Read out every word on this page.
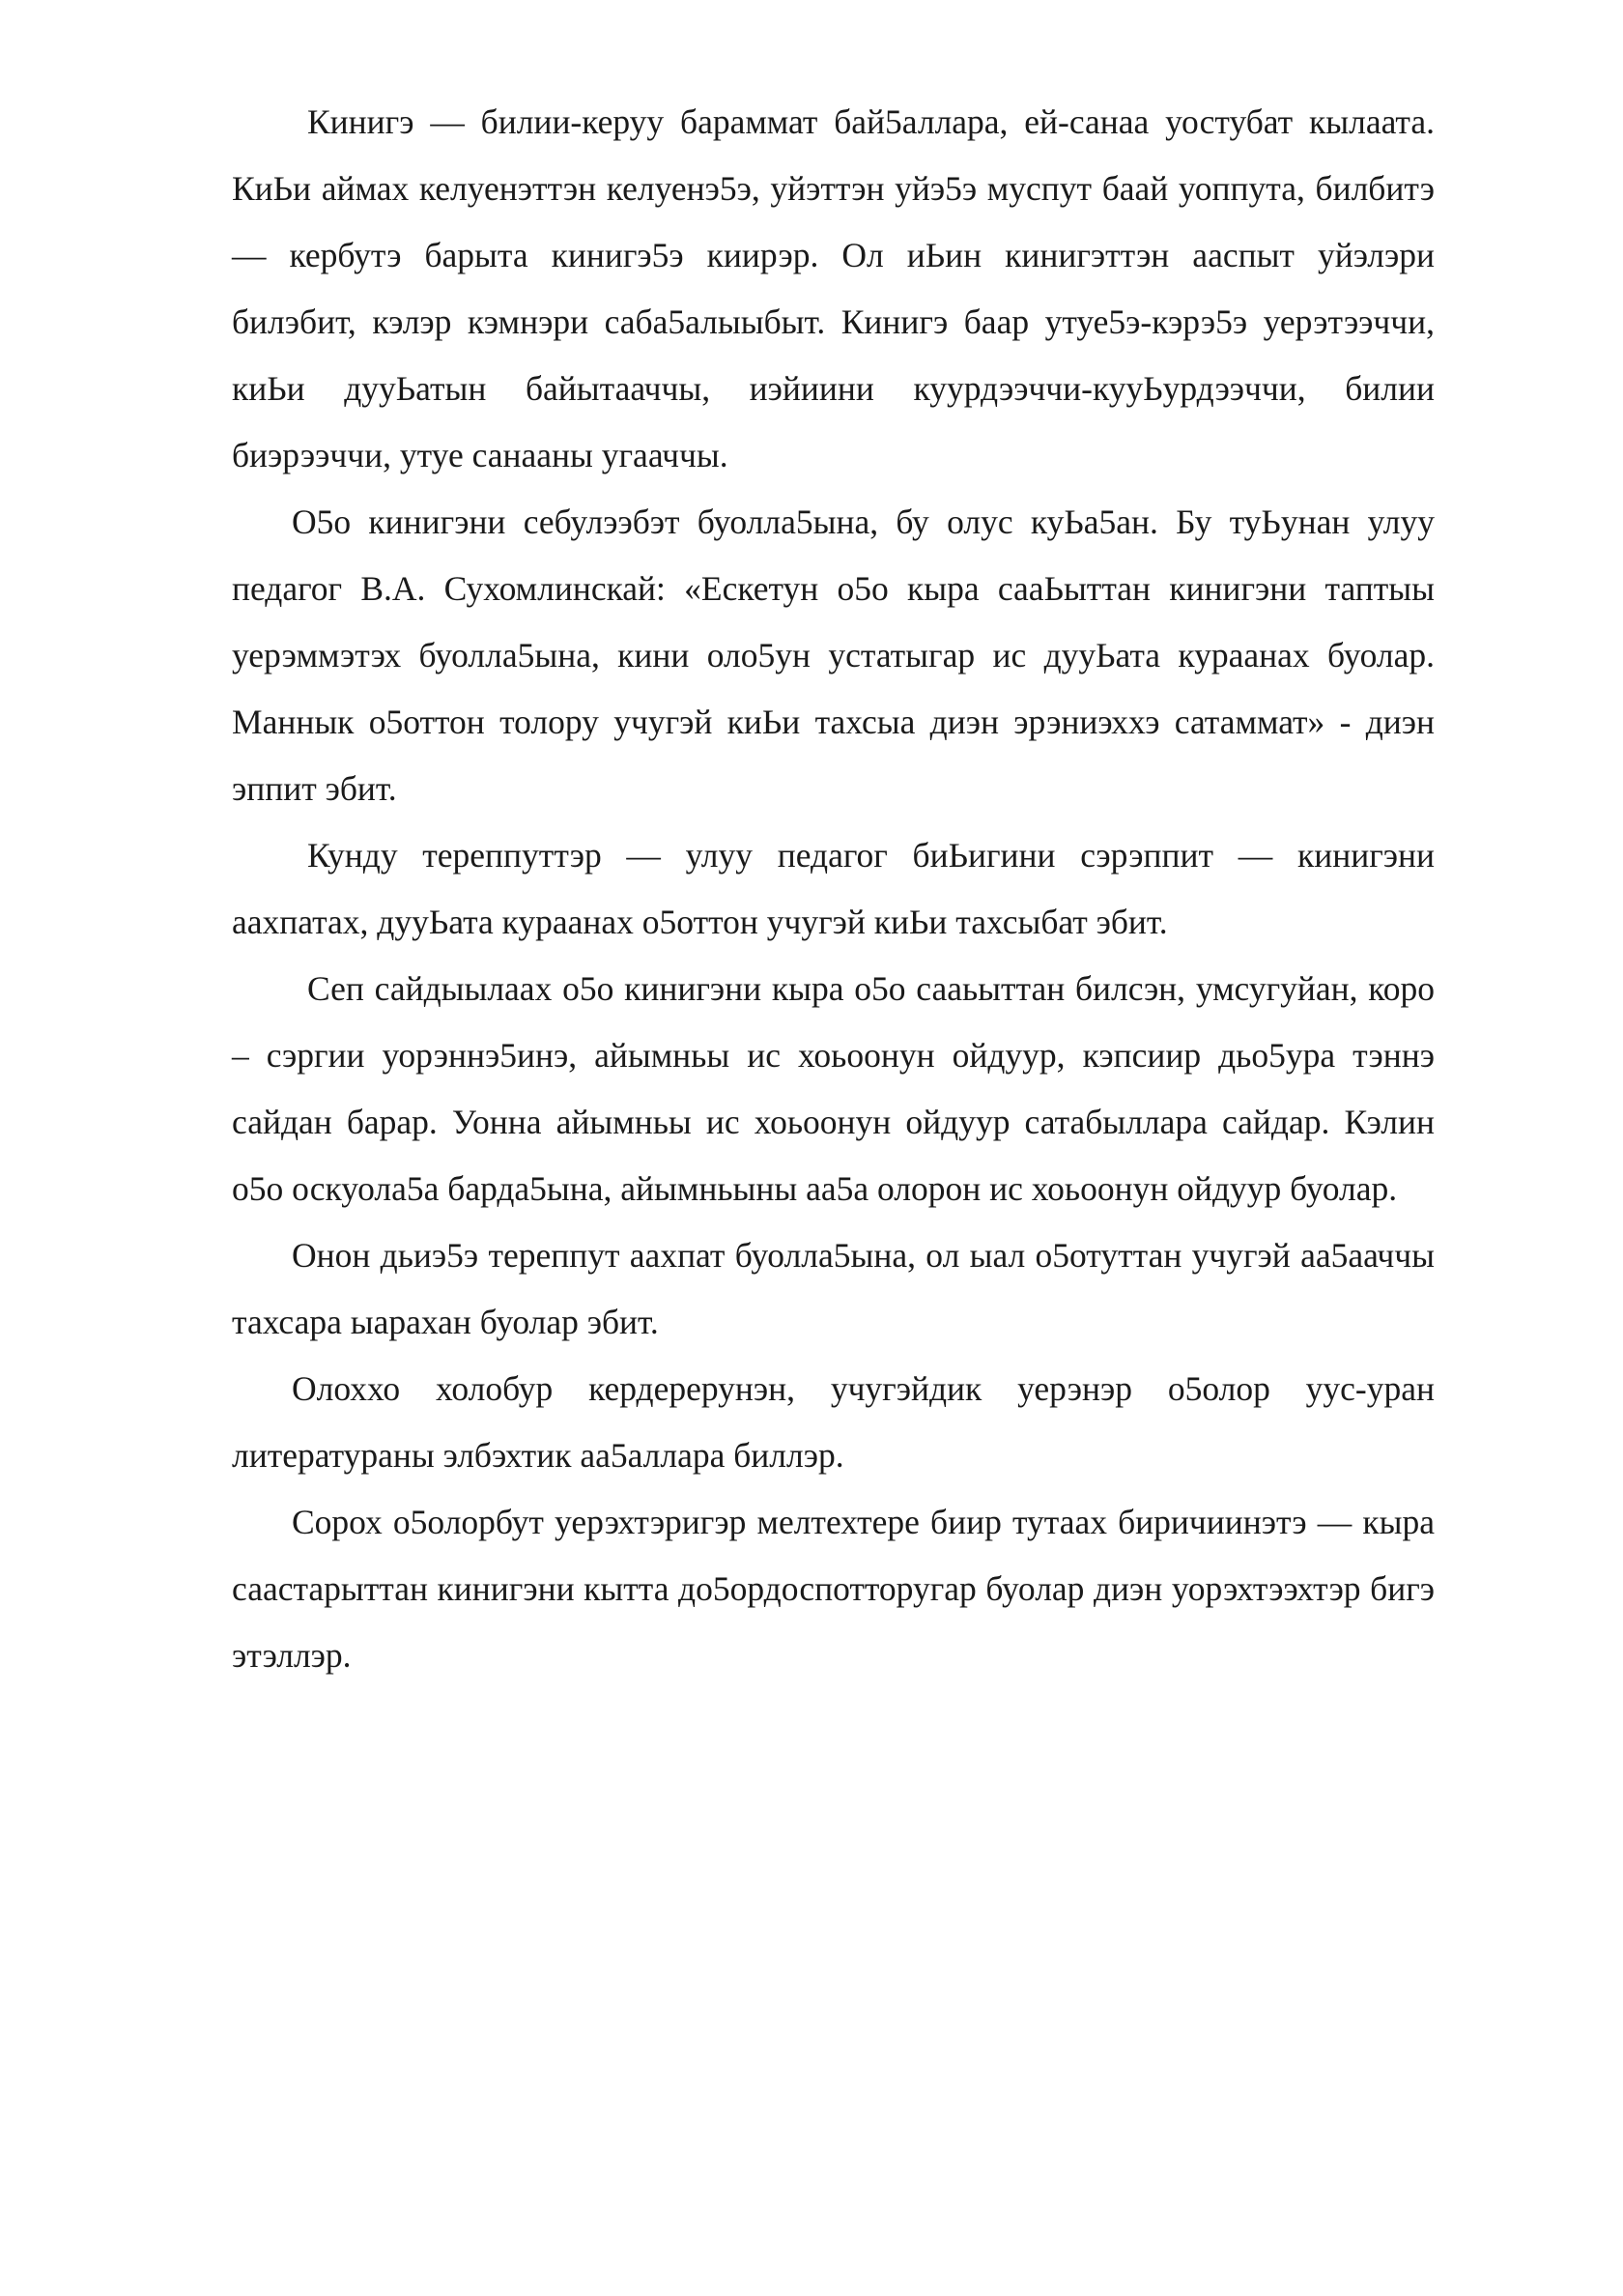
Кинигэ — билии-керуу бараммат бай5аллара, ей-санаа уостубат кылаата. КиЬи аймах келуенэттэн келуенэ5э, уйэттэн уйэ5э муспут баай уоппута, билбитэ — кербутэ барыта кинигэ5э киирэр. Ол иЬин кинигэттэн ааспыт уйэлэри билэбит, кэлэр кэмнэри саба5алыыбыт. Кинигэ баар утуе5э-кэрэ5э уерэтээччи, киЬи дууЬатын байытааччы, иэйиини куурдээччи-кууЬурдээччи, билии биэрээччи, утуе санааны угааччы.

О5о кинигэни себулээбэт буолла5ына, бу олус куЬа5ан. Бу туЬунан улуу педагог В.А. Сухомлинскай: «Ескетун о5о кыра сааЬыттан кинигэни таптыы уерэммэтэх буолла5ына, кини оло5ун устатыгар ис дууЬата кураанах буолар. Маннык о5оттон толору учугэй киЬи тахсыа диэн эрэниэххэ сатаммат» - диэн эппит эбит.

Кунду тереппуттэр — улуу педагог биЬигини сэрэппит — кинигэни аахпатах, дууЬата кураанах о5оттон учугэй киЬи тахсыбат эбит.

Сеп сайдыылаах о5о кинигэни кыра о5о сааьыттан билсэн, умсугуйан, коро – сэргии уорэннэ5инэ, айымньы ис хоьоонун ойдуур, кэпсиир дьо5ура тэннэ сайдан барар. Уонна айымньы ис хоьоонун ойдуур сатабыллара сайдар. Кэлин о5о оскуола5а барда5ына, айымньыны аа5а олорон ис хоьоонун ойдуур буолар.

Онон дьиэ5э тереппут аахпат буолла5ына, ол ыал о5отуттан учугэй аа5ааччы тахсара ыарахан буолар эбит.

Олоххо холобур кердерерунэн, учугэйдик уерэнэр о5олор уус-уран литератураны элбэхтик аа5аллара биллэр.

Сорох о5олорбут уерэхтэригэр мелтехтере биир тутаах биричиинэтэ — кыра саастарыттан кинигэни кытта до5ордоспотторугар буолар диэн уорэхтээхтэр бигэ этэллэр.
